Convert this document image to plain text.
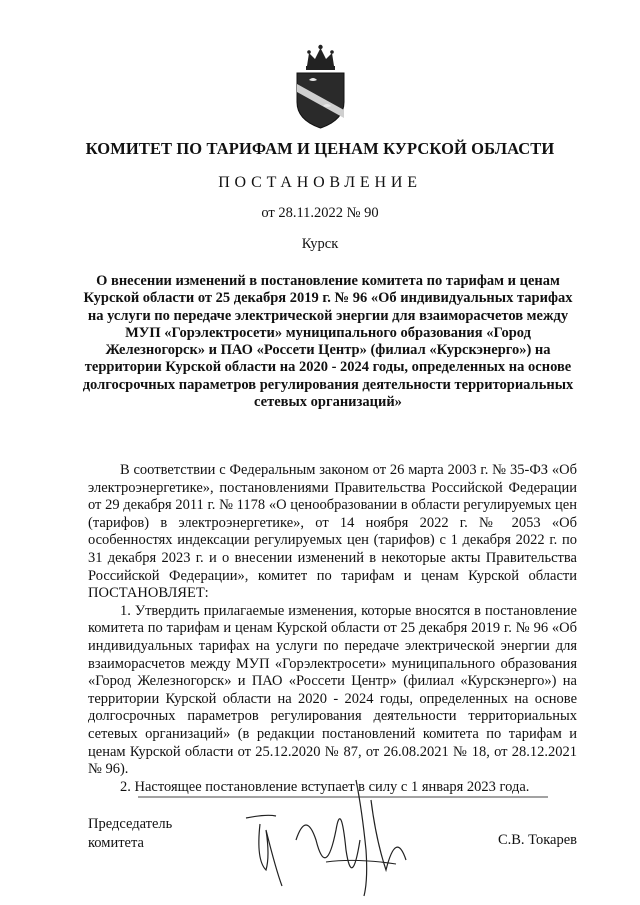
КОМИТЕТ ПО ТАРИФАМ И ЦЕНАМ КУРСКОЙ ОБЛАСТИ
ПОСТАНОВЛЕНИЕ
от 28.11.2022 № 90
Курск
О внесении изменений в постановление комитета по тарифам и ценам Курской области от 25 декабря 2019 г. № 96 «Об индивидуальных тарифах на услуги по передаче электрической энергии для взаиморасчетов между МУП «Горэлектросети» муниципального образования «Город Железногорск» и ПАО «Россети Центр» (филиал «Курскэнерго») на территории Курской области на 2020 - 2024 годы, определенных на основе долгосрочных параметров регулирования деятельности территориальных сетевых организаций»

В соответствии с Федеральным законом от 26 марта 2003 г. № 35-ФЗ «Об электроэнергетике», постановлениями Правительства Российской Федерации от 29 декабря 2011 г. № 1178 «О ценообразовании в области регулируемых цен (тарифов) в электроэнергетике», от 14 ноября 2022 г. № 2053 «Об особенностях индексации регулируемых цен (тарифов) с 1 декабря 2022 г. по 31 декабря 2023 г. и о внесении изменений в некоторые акты Правительства Российской Федерации», комитет по тарифам и ценам Курской области ПОСТАНОВЛЯЕТ:

1. Утвердить прилагаемые изменения, которые вносятся в постановление комитета по тарифам и ценам Курской области от 25 декабря 2019 г. № 96 «Об индивидуальных тарифах на услуги по передаче электрической энергии для взаиморасчетов между МУП «Горэлектросети» муниципального образования «Город Железногорск» и ПАО «Россети Центр» (филиал «Курскэнерго») на территории Курской области на 2020 - 2024 годы, определенных на основе долгосрочных параметров регулирования деятельности территориальных сетевых организаций» (в редакции постановлений комитета по тарифам и ценам Курской области от 25.12.2020 № 87, от 26.08.2021 № 18, от 28.12.2021 № 96).

2. Настоящее постановление вступает в силу с 1 января 2023 года.

Председатель
комитета	С.В. Токарев
